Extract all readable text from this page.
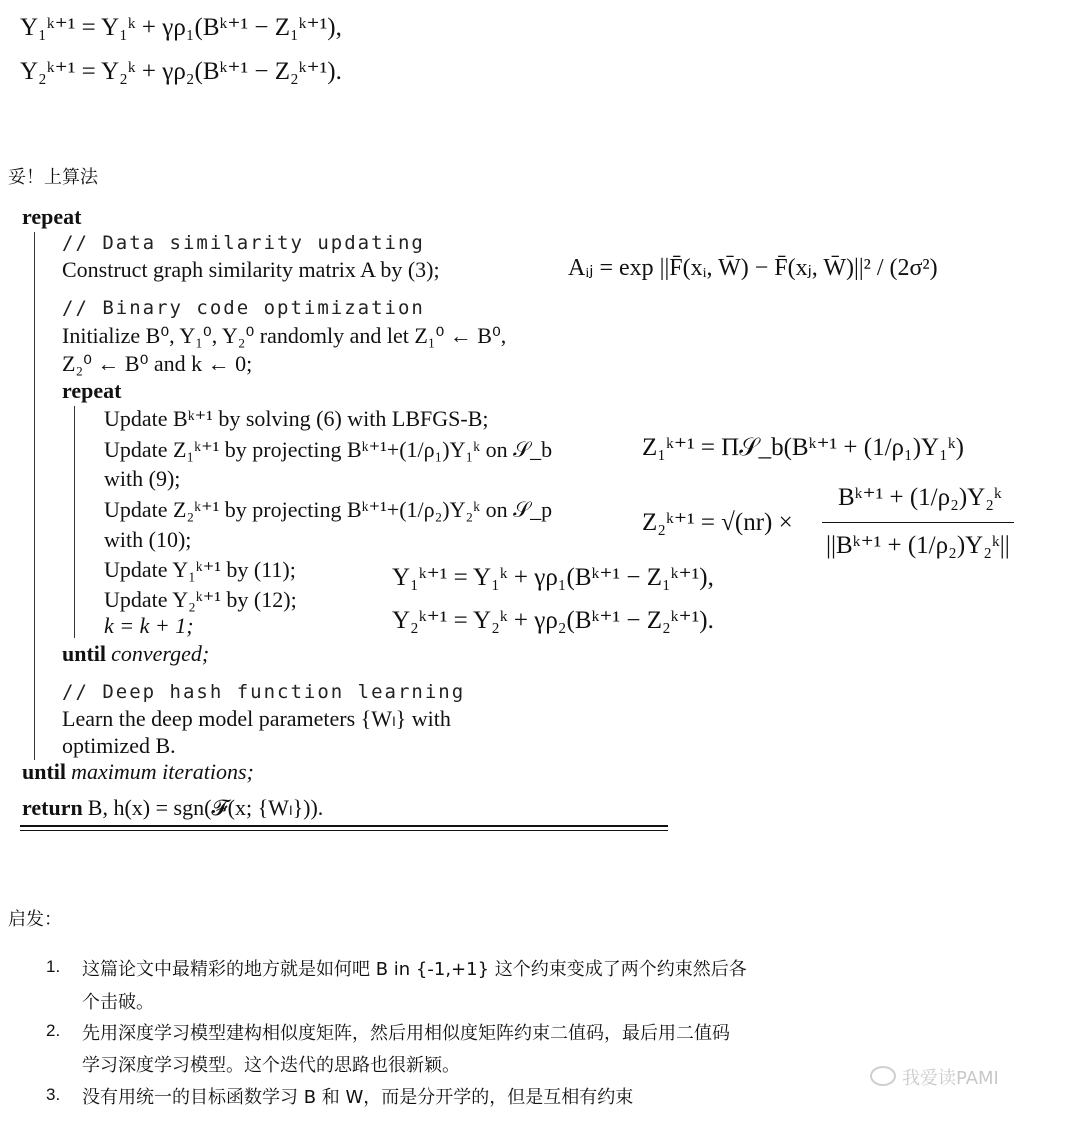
Y₁ᵏ⁺¹ = Y₁ᵏ + γρ₁(Bᵏ⁺¹ − Z₁ᵏ⁺¹),
Y₂ᵏ⁺¹ = Y₂ᵏ + γρ₂(Bᵏ⁺¹ − Z₂ᵏ⁺¹).
妥！上算法
repeat
// Data similarity updating
Construct graph similarity matrix A by (3);	Aᵢⱼ = exp ||F̄(xᵢ, W̄) − F̄(xⱼ, W̄)||² / (2σ²)
// Binary code optimization
Initialize B⁰, Y₁⁰, Y₂⁰ randomly and let Z₁⁰ ← B⁰,
Z₂⁰ ← B⁰ and k ← 0;
repeat
Update Bᵏ⁺¹ by solving (6) with LBFGS-B;
Update Z₁ᵏ⁺¹ by projecting Bᵏ⁺¹+(1/ρ₁)Y₁ᵏ on 𝒮_b
with (9);
Z₁ᵏ⁺¹ = Π𝒮_b(Bᵏ⁺¹ + (1/ρ₁)Y₁ᵏ)
Update Z₂ᵏ⁺¹ by projecting Bᵏ⁺¹+(1/ρ₂)Y₂ᵏ on 𝒮_p
with (10);
Z₂ᵏ⁺¹ = √(nr) ×
Bᵏ⁺¹ + (1/ρ₂)Y₂ᵏ
||Bᵏ⁺¹ + (1/ρ₂)Y₂ᵏ||
Update Y₁ᵏ⁺¹ by (11);
Update Y₂ᵏ⁺¹ by (12);
k = k + 1;
Y₁ᵏ⁺¹ = Y₁ᵏ + γρ₁(Bᵏ⁺¹ − Z₁ᵏ⁺¹),
Y₂ᵏ⁺¹ = Y₂ᵏ + γρ₂(Bᵏ⁺¹ − Z₂ᵏ⁺¹).
until converged;
// Deep hash function learning
Learn the deep model parameters {Wₗ} with
optimized B.
until maximum iterations;
return B, h(x) = sgn(𝓕(x; {Wₗ})).
启发：
1. 这篇论文中最精彩的地方就是如何吧 B in {-1,+1} 这个约束变成了两个约束然后各
个击破。
2. 先用深度学习模型建构相似度矩阵，然后用相似度矩阵约束二值码，最后用二值码
学习深度学习模型。这个迭代的思路也很新颖。
3. 没有用统一的目标函数学习 B 和 W，而是分开学的，但是互相有约束
我爱读PAMI
